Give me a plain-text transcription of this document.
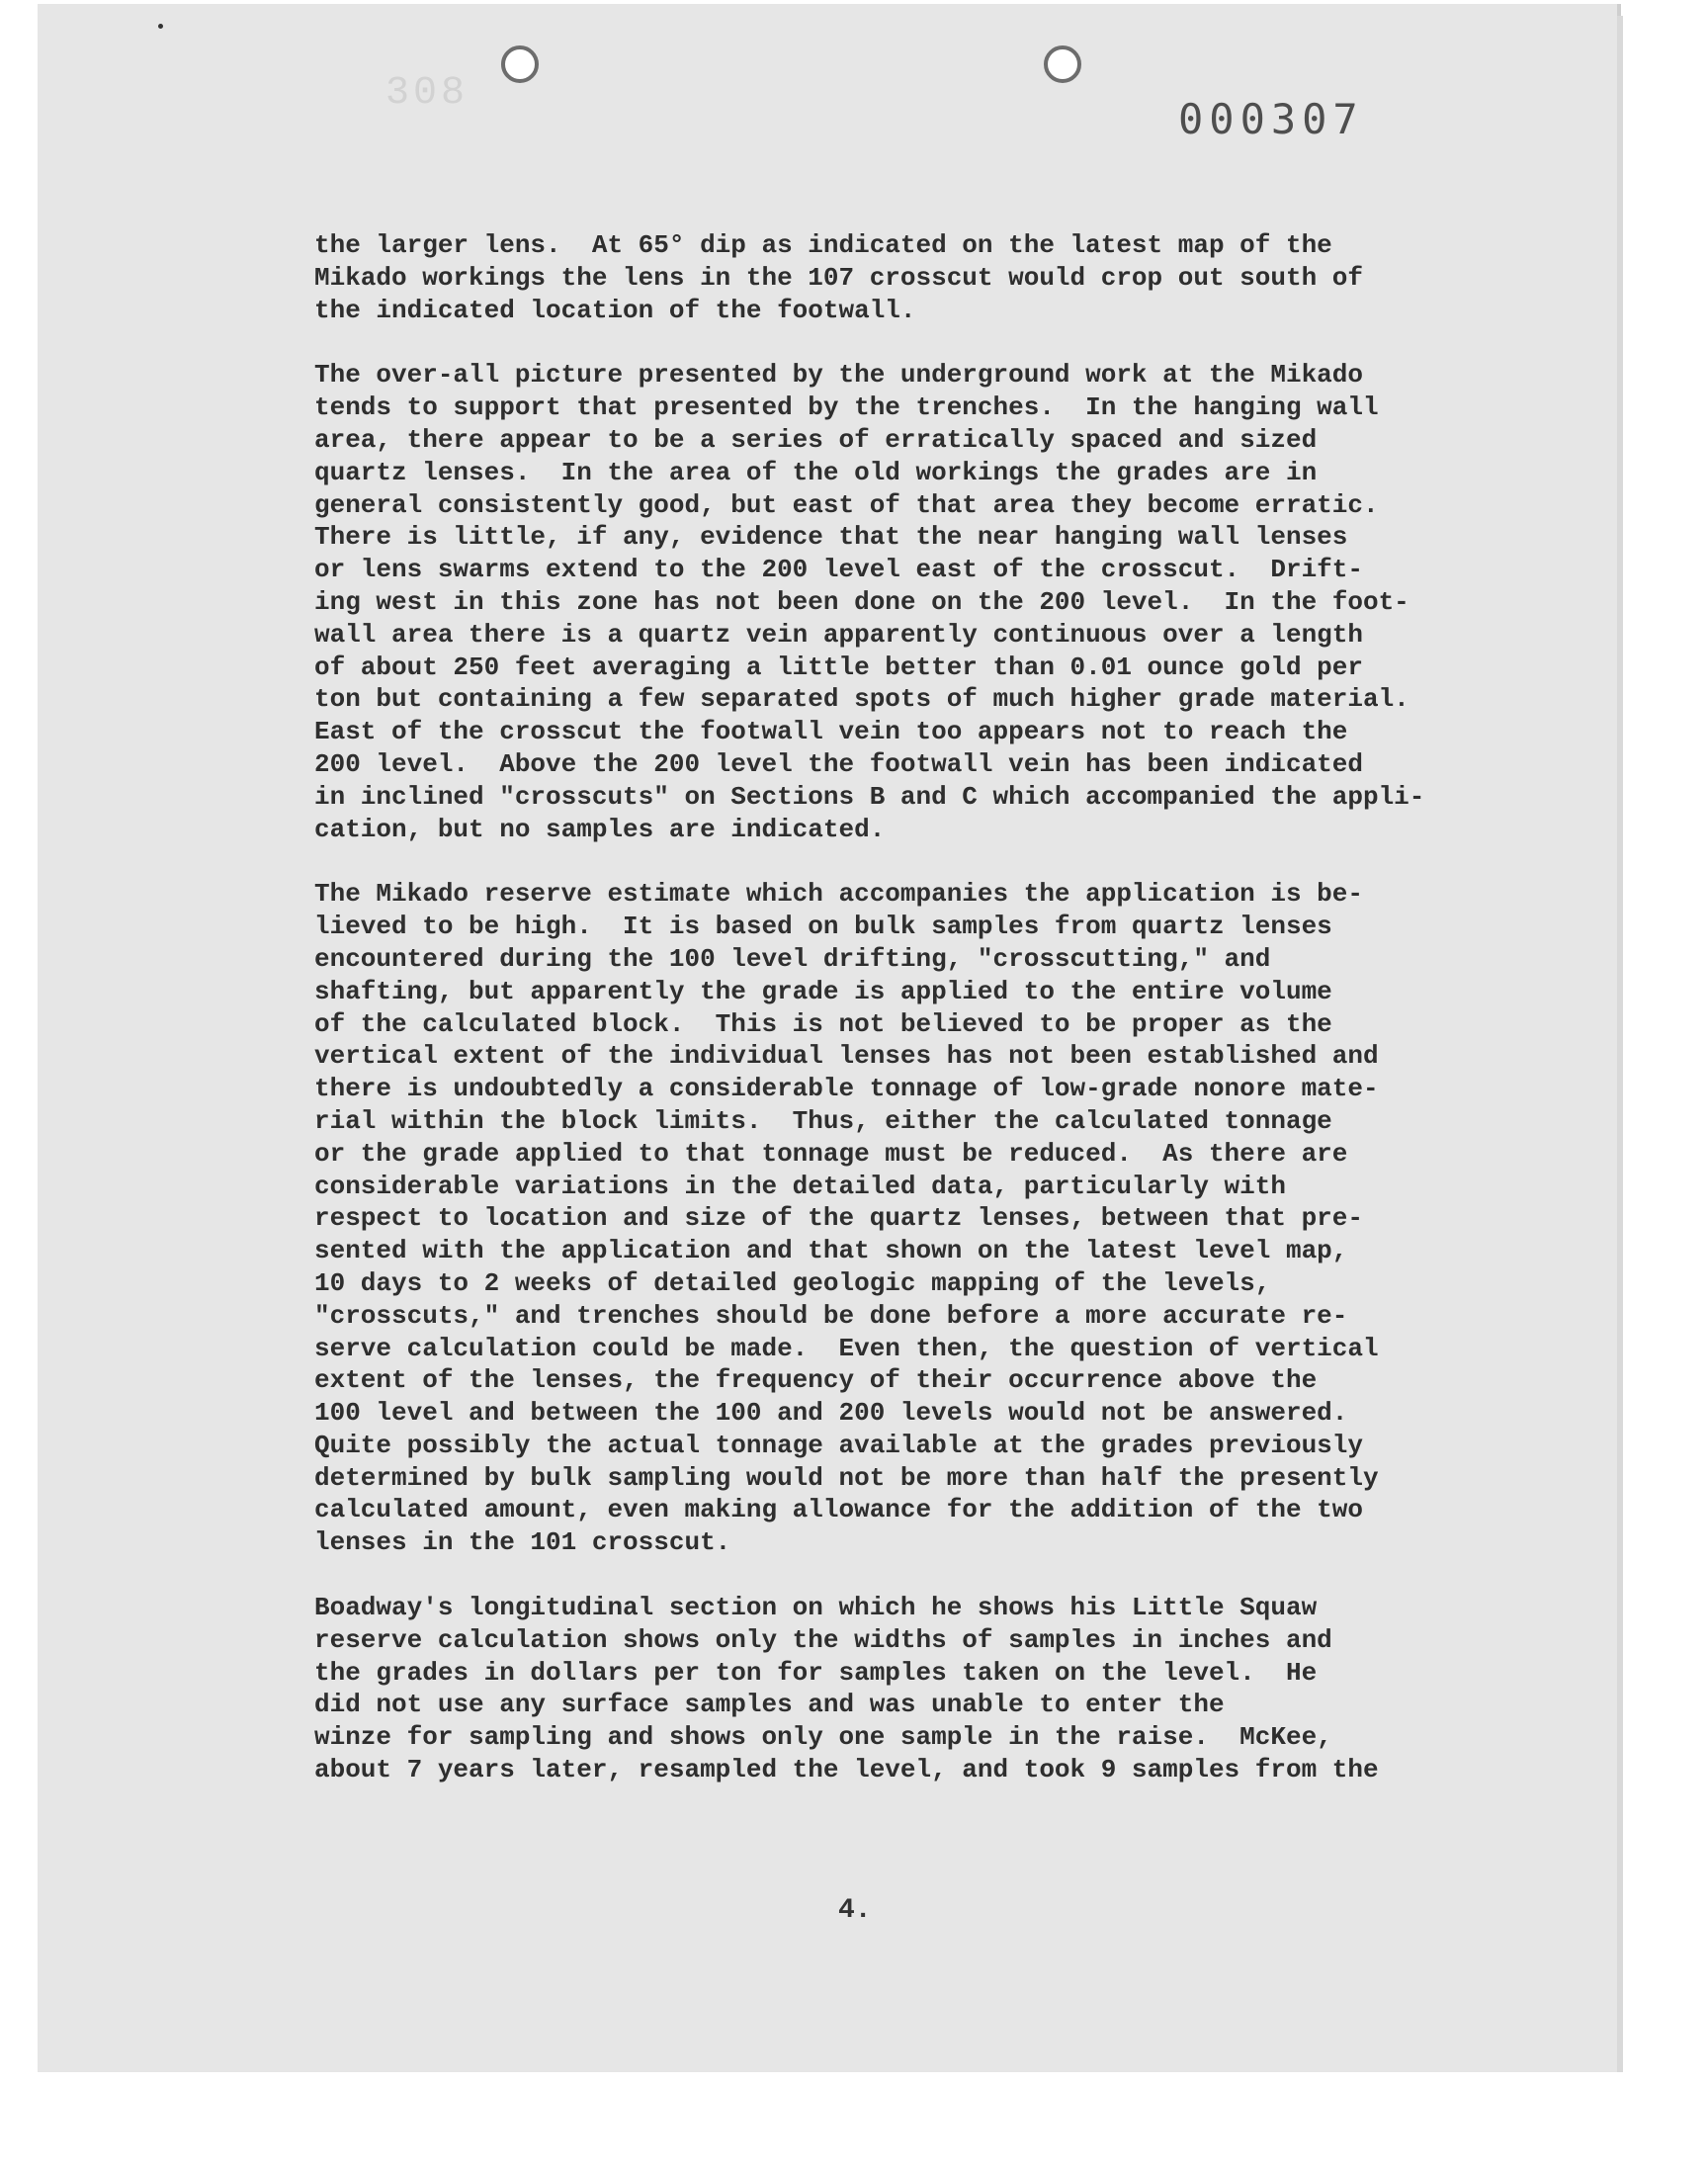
308
000307
the larger lens.  At 65° dip as indicated on the latest map of the
Mikado workings the lens in the 107 crosscut would crop out south of
the indicated location of the footwall.
The over-all picture presented by the underground work at the Mikado
tends to support that presented by the trenches.  In the hanging wall
area, there appear to be a series of erratically spaced and sized
quartz lenses.  In the area of the old workings the grades are in
general consistently good, but east of that area they become erratic.
There is little, if any, evidence that the near hanging wall lenses
or lens swarms extend to the 200 level east of the crosscut.  Drift-
ing west in this zone has not been done on the 200 level.  In the foot-
wall area there is a quartz vein apparently continuous over a length
of about 250 feet averaging a little better than 0.01 ounce gold per
ton but containing a few separated spots of much higher grade material.
East of the crosscut the footwall vein too appears not to reach the
200 level.  Above the 200 level the footwall vein has been indicated
in inclined "crosscuts" on Sections B and C which accompanied the appli-
cation, but no samples are indicated.
The Mikado reserve estimate which accompanies the application is be-
lieved to be high.  It is based on bulk samples from quartz lenses
encountered during the 100 level drifting, "crosscutting," and
shafting, but apparently the grade is applied to the entire volume
of the calculated block.  This is not believed to be proper as the
vertical extent of the individual lenses has not been established and
there is undoubtedly a considerable tonnage of low-grade nonore mate-
rial within the block limits.  Thus, either the calculated tonnage
or the grade applied to that tonnage must be reduced.  As there are
considerable variations in the detailed data, particularly with
respect to location and size of the quartz lenses, between that pre-
sented with the application and that shown on the latest level map,
10 days to 2 weeks of detailed geologic mapping of the levels,
"crosscuts," and trenches should be done before a more accurate re-
serve calculation could be made.  Even then, the question of vertical
extent of the lenses, the frequency of their occurrence above the
100 level and between the 100 and 200 levels would not be answered.
Quite possibly the actual tonnage available at the grades previously
determined by bulk sampling would not be more than half the presently
calculated amount, even making allowance for the addition of the two
lenses in the 101 crosscut.
Boadway's longitudinal section on which he shows his Little Squaw
reserve calculation shows only the widths of samples in inches and
the grades in dollars per ton for samples taken on the level.  He
did not use any surface samples and was unable to enter the
winze for sampling and shows only one sample in the raise.  McKee,
about 7 years later, resampled the level, and took 9 samples from the
4.
